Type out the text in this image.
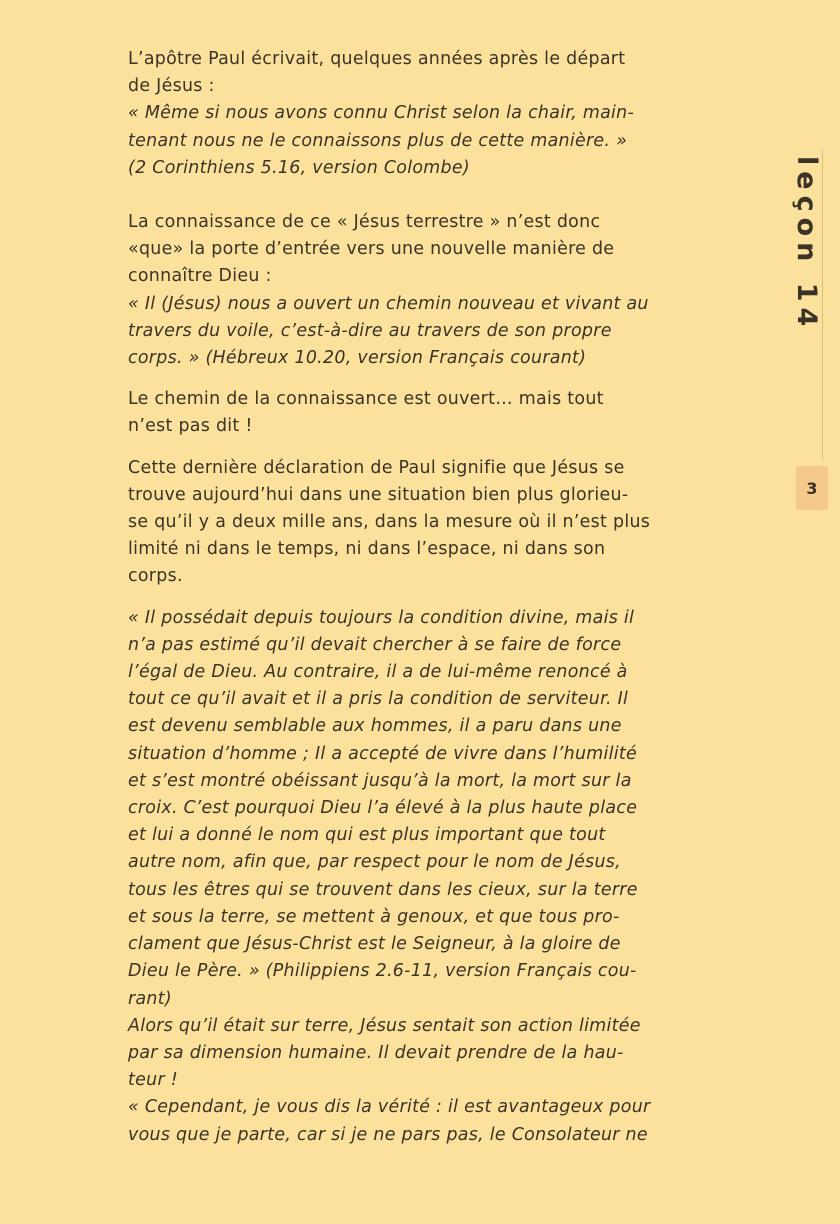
L’apôtre Paul écrivait, quelques années après le départ
de Jésus :

« Même si nous avons connu Christ selon la chair, main-
tenant nous ne le connaissons plus de cette manière. »
(2 Corinthiens 5.16, version Colombe)

La connaissance de ce « Jésus terrestre » n’est donc
«que» la porte d’entrée vers une nouvelle manière de
connaître Dieu :

« Il (Jésus) nous a ouvert un chemin nouveau et vivant au
travers du voile, c’est-à-dire au travers de son propre
corps. » (Hébreux 10.20, version Français courant)

Le chemin de la connaissance est ouvert… mais tout
n’est pas dit !

Cette dernière déclaration de Paul signifie que Jésus se
trouve aujourd’hui dans une situation bien plus glorieu-
se qu’il y a deux mille ans, dans la mesure où il n’est plus
limité ni dans le temps, ni dans l’espace, ni dans son
corps.

« Il possédait depuis toujours la condition divine, mais il
n’a pas estimé qu’il devait chercher à se faire de force
l’égal de Dieu. Au contraire, il a de lui-même renoncé à
tout ce qu’il avait et il a pris la condition de serviteur. Il
est devenu semblable aux hommes, il a paru dans une
situation d’homme ; Il a accepté de vivre dans l’humilité
et s’est montré obéissant jusqu’à la mort, la mort sur la
croix. C’est pourquoi Dieu l’a élevé à la plus haute place
et lui a donné le nom qui est plus important que tout
autre nom, afin que, par respect pour le nom de Jésus,
tous les êtres qui se trouvent dans les cieux, sur la terre
et sous la terre, se mettent à genoux, et que tous pro-
clament que Jésus-Christ est le Seigneur, à la gloire de
Dieu le Père. » (Philippiens 2.6-11, version Français cou-
rant)

Alors qu’il était sur terre, Jésus sentait son action limitée
par sa dimension humaine. Il devait prendre de la hau-
teur !

« Cependant, je vous dis la vérité : il est avantageux pour
vous que je parte, car si je ne pars pas, le Consolateur ne

leçon 14
3
